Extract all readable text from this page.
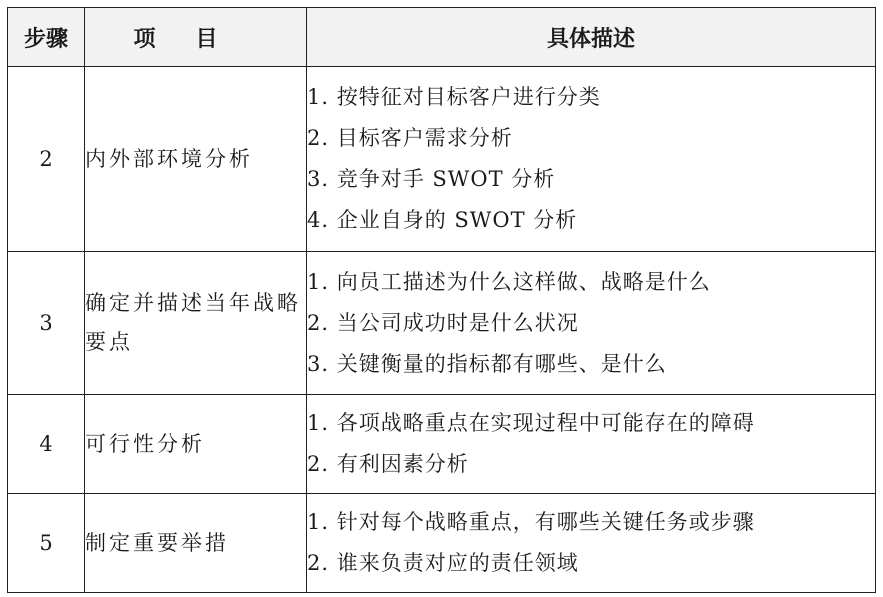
步骤	项目	具体描述
2	内外部环境分析	1. 按特征对目标客户进行分类
2. 目标客户需求分析
3. 竞争对手 SWOT 分析
4. 企业自身的 SWOT 分析

3	确定并描述当年战略要点	1. 向员工描述为什么这样做、战略是什么
2. 当公司成功时是什么状况
3. 关键衡量的指标都有哪些、是什么

4	可行性分析	1. 各项战略重点在实现过程中可能存在的障碍
2. 有利因素分析

5	制定重要举措	1. 针对每个战略重点，有哪些关键任务或步骤
2. 谁来负责对应的责任领域
